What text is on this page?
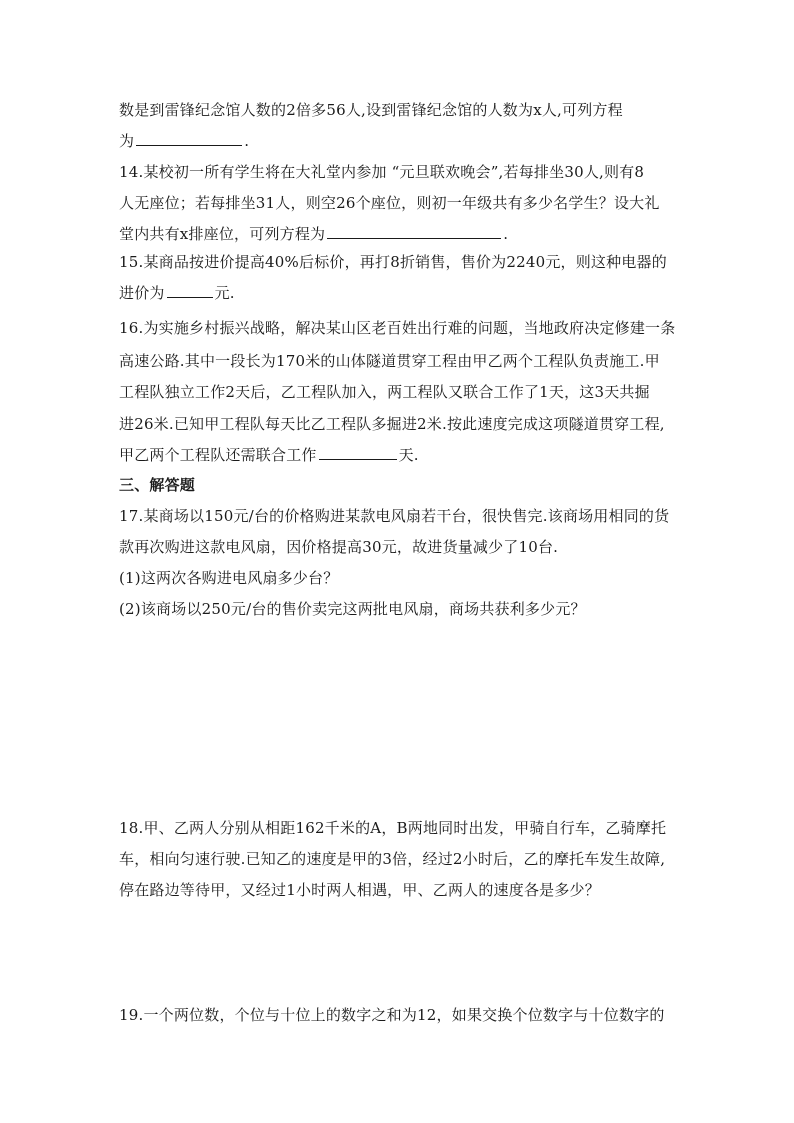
数是到雷锋纪念馆人数的2倍多56人,设到雷锋纪念馆的人数为x人,可列方程
为	.
14.某校初一所有学生将在大礼堂内参加 “元旦联欢晚会”,若每排坐30人,则有8
人无座位；若每排坐31人，则空26个座位，则初一年级共有多少名学生？设大礼
堂内共有x排座位，可列方程为	.
15.某商品按进价提高40%后标价，再打8折销售，售价为2240元，则这种电器的
进价为	元.
16.为实施乡村振兴战略，解决某山区老百姓出行难的问题，当地政府决定修建一条
高速公路.其中一段长为170米的山体隧道贯穿工程由甲乙两个工程队负责施工.甲
工程队独立工作2天后，乙工程队加入，两工程队又联合工作了1天，这3天共掘
进26米.已知甲工程队每天比乙工程队多掘进2米.按此速度完成这项隧道贯穿工程,
甲乙两个工程队还需联合工作	天.
三、解答题
17.某商场以150元/台的价格购进某款电风扇若干台，很快售完.该商场用相同的货
款再次购进这款电风扇，因价格提高30元，故进货量减少了10台.
(1)这两次各购进电风扇多少台？
(2)该商场以250元/台的售价卖完这两批电风扇，商场共获利多少元？
18.甲、乙两人分别从相距162千米的A，B两地同时出发，甲骑自行车，乙骑摩托
车，相向匀速行驶.已知乙的速度是甲的3倍，经过2小时后，乙的摩托车发生故障,
停在路边等待甲，又经过1小时两人相遇，甲、乙两人的速度各是多少？
19.一个两位数，个位与十位上的数字之和为12，如果交换个位数字与十位数字的
